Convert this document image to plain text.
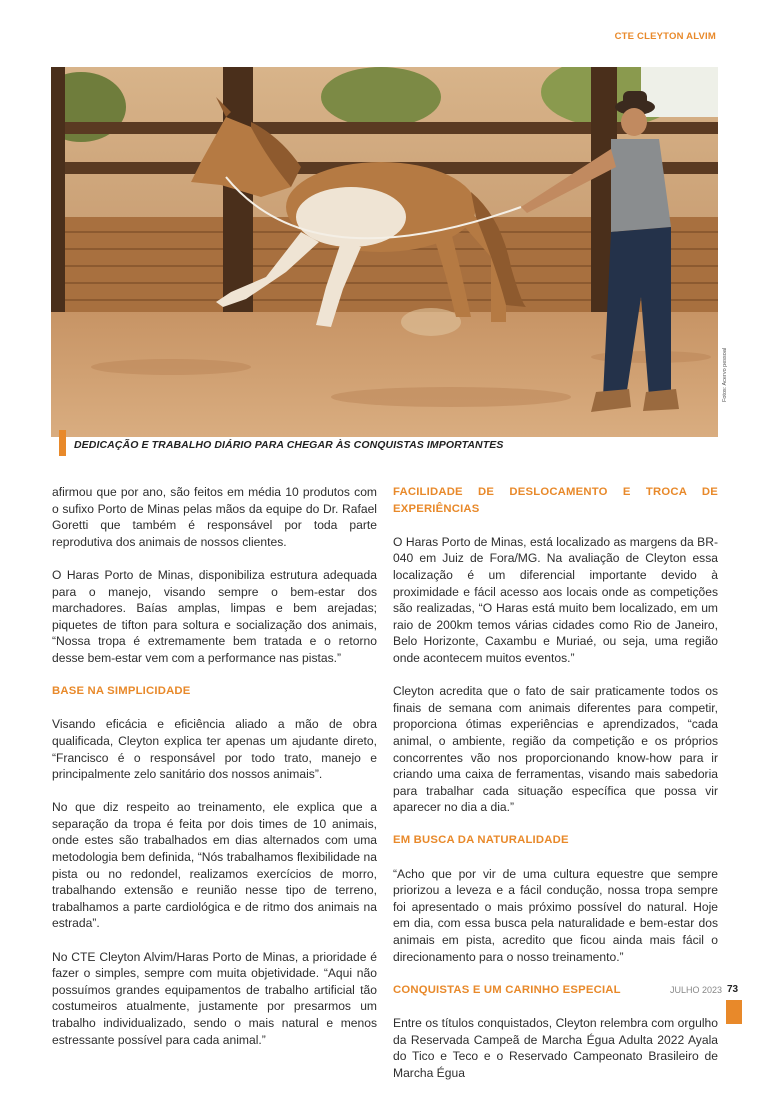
CTE CLEYTON ALVIM
Fotos: Acervo pessoal
DEDICAÇÃO E TRABALHO DIÁRIO PARA CHEGAR ÀS CONQUISTAS IMPORTANTES

afirmou que por ano, são feitos em média 10 produtos com o sufixo Porto de Minas pelas mãos da equipe do Dr. Rafael Goretti que também é responsável por toda parte reprodutiva dos animais de nossos clientes.

O Haras Porto de Minas, disponibiliza estrutura adequada para o manejo, visando sempre o bem-estar dos marchadores. Baías amplas, limpas e bem arejadas; piquetes de tifton para soltura e socialização dos animais, “Nossa tropa é extremamente bem tratada e o retorno desse bem-estar vem com a performance nas pistas.”

BASE NA SIMPLICIDADE

Visando eficácia e eficiência aliado a mão de obra qualificada, Cleyton explica ter apenas um ajudante direto, “Francisco é o responsável por todo trato, manejo e principalmente zelo sanitário dos nossos animais”.

No que diz respeito ao treinamento, ele explica que a separação da tropa é feita por dois times de 10 animais, onde estes são trabalhados em dias alternados com uma metodologia bem definida, “Nós trabalhamos flexibilidade na pista ou no redondel, realizamos exercícios de morro, trabalhando extensão e reunião nesse tipo de terreno, trabalhamos a parte cardiológica e de ritmo dos animais na estrada”.

No CTE Cleyton Alvim/Haras Porto de Minas, a prioridade é fazer o simples, sempre com muita objetividade. “Aqui não possuímos grandes equipamentos de trabalho artificial tão costumeiros atualmente, justamente por presarmos um trabalho individualizado, sendo o mais natural e menos estressante possível para cada animal.”

FACILIDADE DE DESLOCAMENTO E TROCA DE EXPERIÊNCIAS

O Haras Porto de Minas, está localizado as margens da BR-040 em Juiz de Fora/MG. Na avaliação de Cleyton essa localização é um diferencial importante devido à proximidade e fácil acesso aos locais onde as competições são realizadas, “O Haras está muito bem localizado, em um raio de 200km temos várias cidades como Rio de Janeiro, Belo Horizonte, Caxambu e Muriaé, ou seja, uma região onde acontecem muitos eventos.”

Cleyton acredita que o fato de sair praticamente todos os finais de semana com animais diferentes para competir, proporciona ótimas experiências e aprendizados, “cada animal, o ambiente, região da competição e os próprios concorrentes vão nos proporcionando know-how para ir criando uma caixa de ferramentas, visando mais sabedoria para trabalhar cada situação específica que possa vir aparecer no dia a dia.”

EM BUSCA DA NATURALIDADE

“Acho que por vir de uma cultura equestre que sempre priorizou a leveza e a fácil condução, nossa tropa sempre foi apresentado o mais próximo possível do natural. Hoje em dia, com essa busca pela naturalidade e bem-estar dos animais em pista, acredito que ficou ainda mais fácil o direcionamento para o nosso treinamento.”

CONQUISTAS E UM CARINHO ESPECIAL

Entre os títulos conquistados, Cleyton relembra com orgulho da Reservada Campeã de Marcha Égua Adulta 2022 Ayala do Tico e Teco e o Reservado Campeonato Brasileiro de Marcha Égua

JULHO 2023 73
